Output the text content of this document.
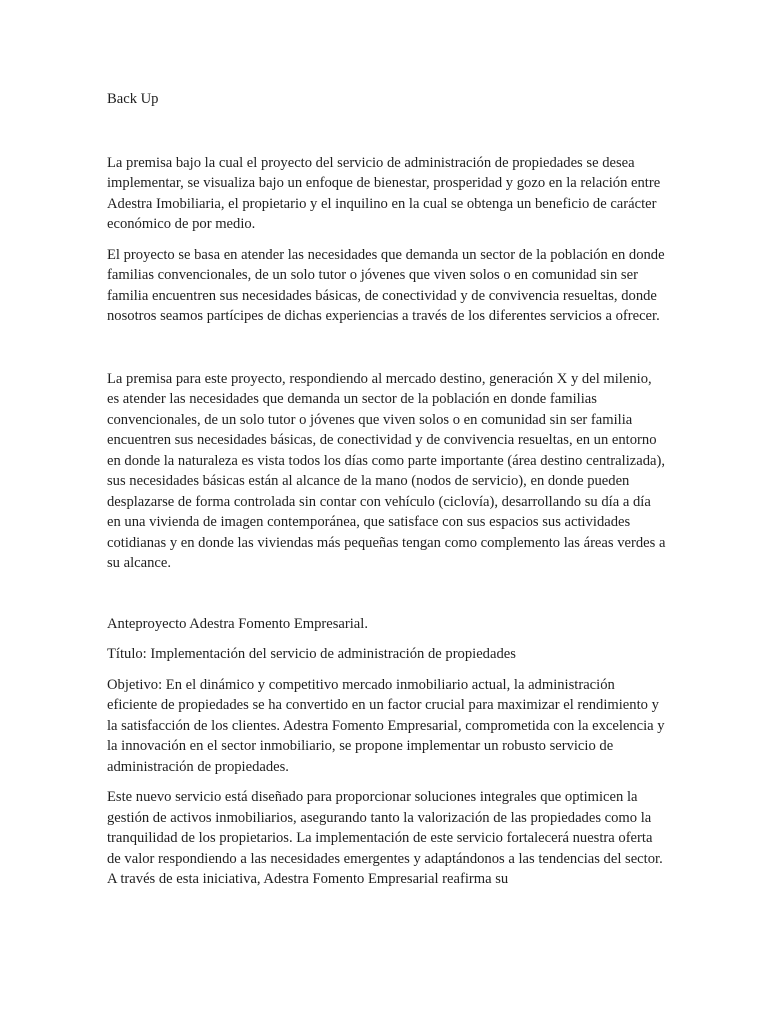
Back Up

La premisa bajo la cual el proyecto del servicio de administración de propiedades se desea implementar, se visualiza bajo un enfoque de bienestar, prosperidad y gozo en la relación entre Adestra Imobiliaria, el propietario y el inquilino en la cual se obtenga un beneficio de carácter económico de por medio.

El proyecto se basa en atender las necesidades que demanda un sector de la población en donde familias convencionales, de un solo tutor o jóvenes que viven solos o en comunidad sin ser familia encuentren sus necesidades básicas, de conectividad y de convivencia resueltas, donde nosotros seamos partícipes de dichas experiencias a través de los diferentes servicios a ofrecer.

La premisa para este proyecto, respondiendo al mercado destino, generación X y del milenio, es atender las necesidades que demanda un sector de la población en donde familias convencionales, de un solo tutor o jóvenes que viven solos o en comunidad sin ser familia encuentren sus necesidades básicas, de conectividad y de convivencia resueltas, en un entorno en donde la naturaleza es vista todos los días como parte importante (área destino centralizada), sus necesidades básicas están al alcance de la mano (nodos de servicio), en donde pueden desplazarse de forma controlada sin contar con vehículo (ciclovía), desarrollando su día a día en una vivienda de imagen contemporánea, que satisface con sus espacios sus actividades cotidianas y en donde las viviendas más pequeñas tengan como complemento las áreas verdes a su alcance.

Anteproyecto Adestra Fomento Empresarial.

Título: Implementación del servicio de administración de propiedades

Objetivo: En el dinámico y competitivo mercado inmobiliario actual, la administración eficiente de propiedades se ha convertido en un factor crucial para maximizar el rendimiento y la satisfacción de los clientes. Adestra Fomento Empresarial, comprometida con la excelencia y la innovación en el sector inmobiliario, se propone implementar un robusto servicio de administración de propiedades.

Este nuevo servicio está diseñado para proporcionar soluciones integrales que optimicen la gestión de activos inmobiliarios, asegurando tanto la valorización de las propiedades como la tranquilidad de los propietarios. La implementación de este servicio fortalecerá nuestra oferta de valor respondiendo a las necesidades emergentes y adaptándonos a las tendencias del sector. A través de esta iniciativa, Adestra Fomento Empresarial reafirma su
